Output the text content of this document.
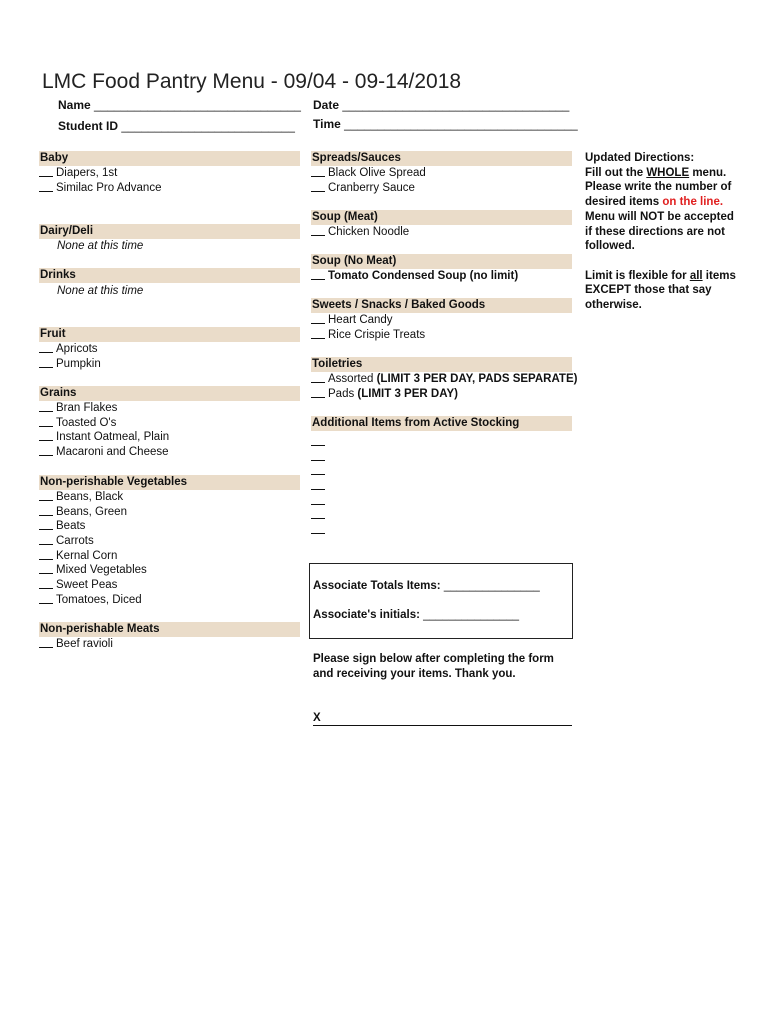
LMC Food Pantry Menu - 09/04 - 09-14/2018
Name _______________________________
Student ID __________________________
Date __________________________________
Time ___________________________________
Baby
Diapers, 1st
Similac Pro Advance
Dairy/Deli
None at this time
Drinks
None at this time
Fruit
Apricots
Pumpkin
Grains
Bran Flakes
Toasted O's
Instant Oatmeal, Plain
Macaroni and Cheese
Non-perishable Vegetables
Beans, Black
Beans, Green
Beats
Carrots
Kernal Corn
Mixed Vegetables
Sweet Peas
Tomatoes, Diced
Non-perishable Meats
Beef ravioli
Spreads/Sauces
Black Olive Spread
Cranberry Sauce
Soup (Meat)
Chicken Noodle
Soup (No Meat)
Tomato Condensed Soup (no limit)
Sweets / Snacks / Baked Goods
Heart Candy
Rice Crispie Treats
Toiletries
Assorted (LIMIT 3 PER DAY, PADS SEPARATE)
Pads (LIMIT 3 PER DAY)
Additional Items from Active Stocking
Associate Totals Items: _______________
Associate's initials: _______________
Please sign below after completing the form
and receiving your items. Thank you.
X
Updated Directions:
Fill out the WHOLE menu.
Please write the number of
desired items on the line.
Menu will NOT be accepted
if these directions are not
followed.
Limit is flexible for all items
EXCEPT those that say
otherwise.
